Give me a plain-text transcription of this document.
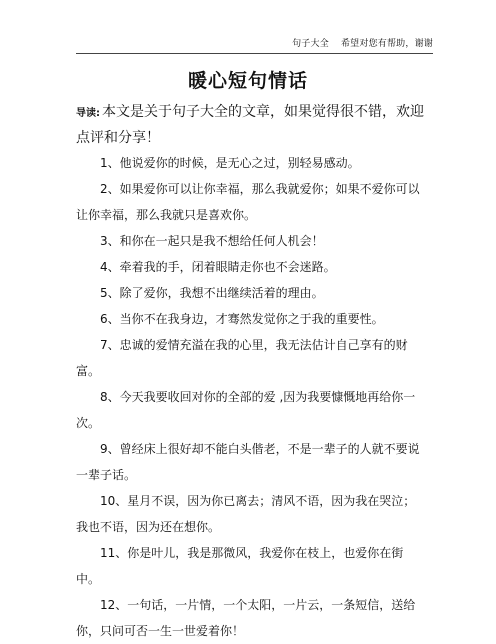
句子大全 希望对您有帮助，谢谢
暖心短句情话
导读: 本文是关于句子大全的文章，如果觉得很不错，欢迎点评和分享！
1、他说爱你的时候，是无心之过，别轻易感动。
2、如果爱你可以让你幸福，那么我就爱你；如果不爱你可以让你幸福，那么我就只是喜欢你。
3、和你在一起只是我不想给任何人机会！
4、牵着我的手，闭着眼睛走你也不会迷路。
5、除了爱你，我想不出继续活着的理由。
6、当你不在我身边，才骞然发觉你之于我的重要性。
7、忠诚的爱情充溢在我的心里，我无法估计自己享有的财富。
8、今天我要收回对你的全部的爱 ,因为我要慷慨地再给你一次。
9、曾经床上很好却不能白头偕老，不是一辈子的人就不要说一辈子话。
10、星月不误，因为你已离去；清风不语，因为我在哭泣；我也不语，因为还在想你。
11、你是叶儿，我是那微风，我爱你在枝上，也爱你在街中。
12、一句话，一片情，一个太阳，一片云，一条短信，送给你，只问可否一生一世爱着你！
